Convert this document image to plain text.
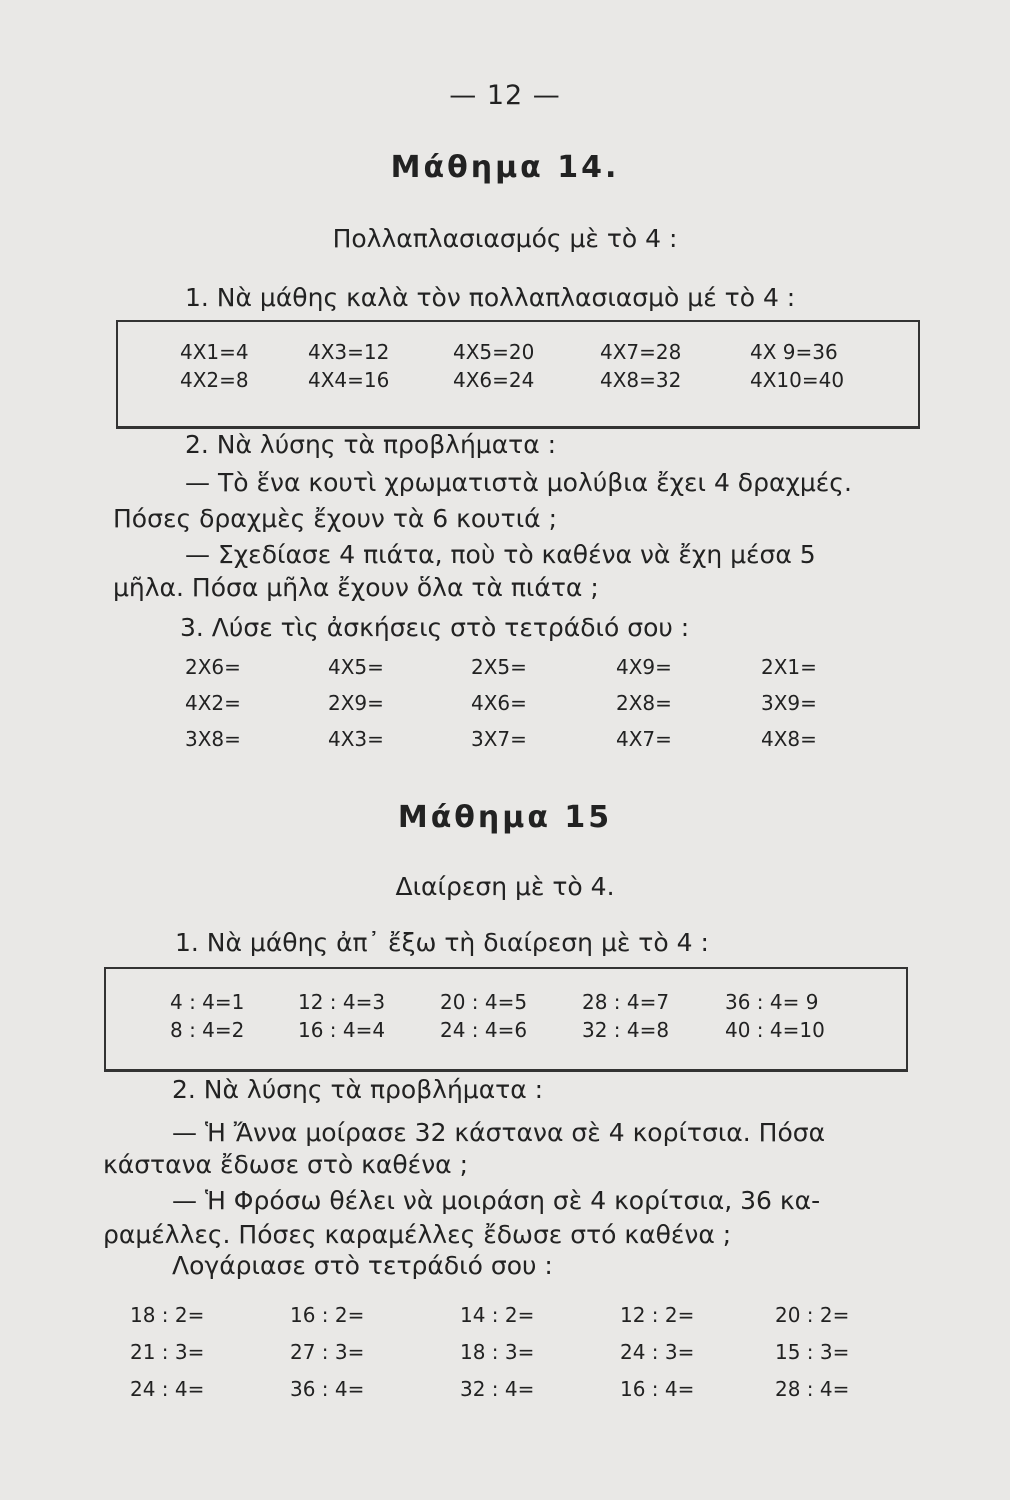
— 12 —
Μάθημα 14.
Πολλαπλασιασμός μὲ τὸ 4 :
1. Νὰ μάθης καλὰ τὸν πολλαπλασιασμὸ μέ τὸ 4 :
4X1=4	4X3=12	4X5=20	4X7=28	4X 9=36
4X2=8	4X4=16	4X6=24	4X8=32	4X10=40
2. Νὰ λύσης τὰ προβλήματα :
— Τὸ ἕνα κουτὶ χρωματιστὰ μολύβια ἔχει 4 δραχμές.
Πόσες δραχμὲς ἔχουν τὰ 6 κουτιά ;
— Σχεδίασε 4 πιάτα, ποὺ τὸ καθένα νὰ ἔχη μέσα 5
μῆλα. Πόσα μῆλα ἔχουν ὅλα τὰ πιάτα ;
3. Λύσε τὶς ἀσκήσεις στὸ τετράδιό σου :
2X6=	4X5=	2X5=	4X9=	2X1=
4X2=	2X9=	4X6=	2X8=	3X9=
3X8=	4X3=	3X7=	4X7=	4X8=
Μάθημα 15
Διαίρεση μὲ τὸ 4.
1. Νὰ μάθης ἀπ᾽ ἔξω τὴ διαίρεση μὲ τὸ 4 :
4 : 4=1	12 : 4=3	20 : 4=5	28 : 4=7	36 : 4= 9
8 : 4=2	16 : 4=4	24 : 4=6	32 : 4=8	40 : 4=10
2. Νὰ λύσης τὰ προβλήματα :
— Ἡ Ἄννα μοίρασε 32 κάστανα σὲ 4 κορίτσια. Πόσα
κάστανα ἔδωσε στὸ καθένα ;
— Ἡ Φρόσω θέλει νὰ μοιράση σὲ 4 κορίτσια, 36 κα-
ραμέλλες. Πόσες καραμέλλες ἔδωσε στό καθένα ;
Λογάριασε στὸ τετράδιό σου :
18 : 2=	16 : 2=	14 : 2=	12 : 2=	20 : 2=
21 : 3=	27 : 3=	18 : 3=	24 : 3=	15 : 3=
24 : 4=	36 : 4=	32 : 4=	16 : 4=	28 : 4=
